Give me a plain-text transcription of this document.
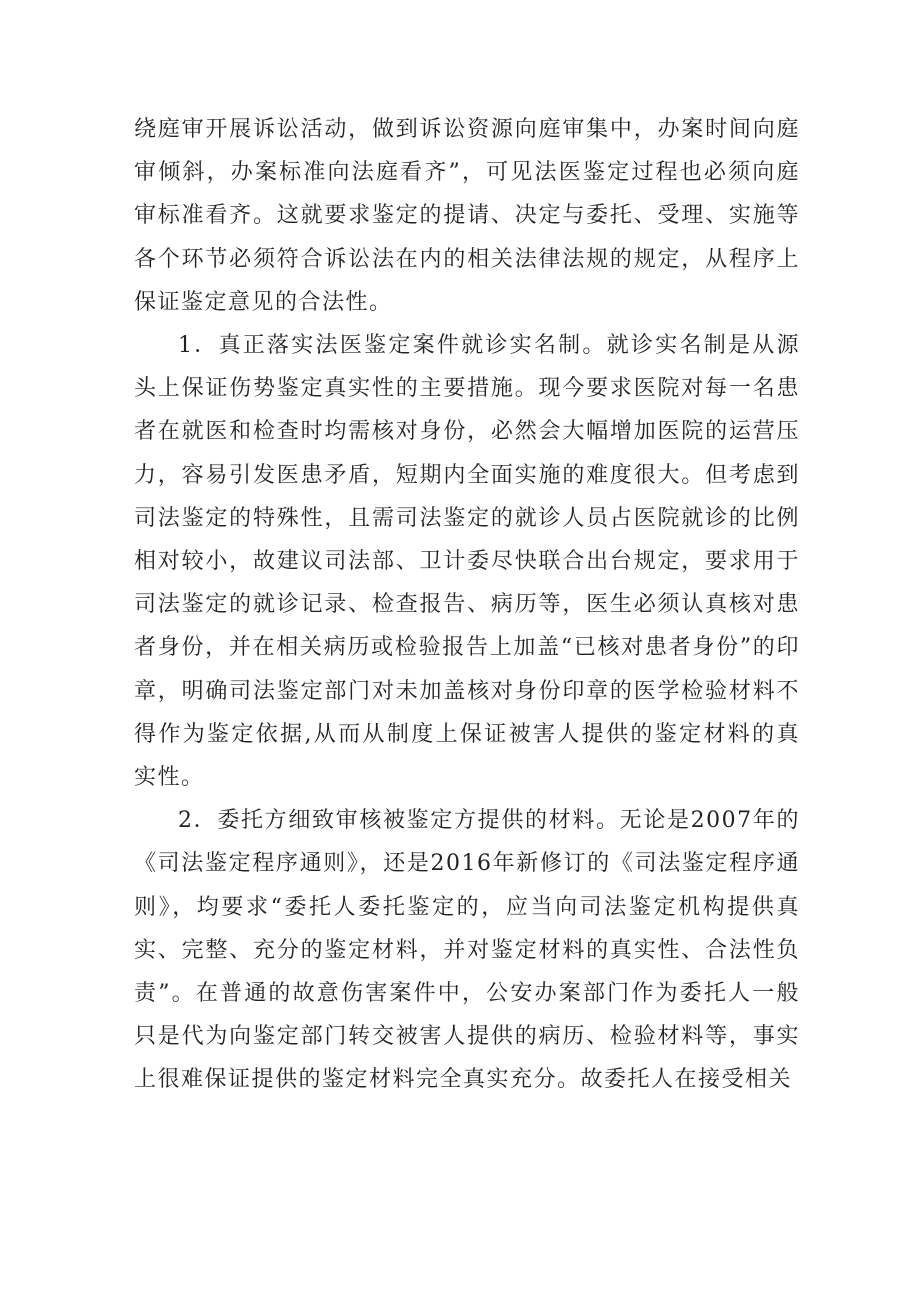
绕庭审开展诉讼活动，做到诉讼资源向庭审集中，办案时间向庭审倾斜，办案标准向法庭看齐”，可见法医鉴定过程也必须向庭审标准看齐。这就要求鉴定的提请、决定与委托、受理、实施等各个环节必须符合诉讼法在内的相关法律法规的规定，从程序上保证鉴定意见的合法性。

1．真正落实法医鉴定案件就诊实名制。就诊实名制是从源头上保证伤势鉴定真实性的主要措施。现今要求医院对每一名患者在就医和检查时均需核对身份，必然会大幅增加医院的运营压力，容易引发医患矛盾，短期内全面实施的难度很大。但考虑到司法鉴定的特殊性，且需司法鉴定的就诊人员占医院就诊的比例相对较小，故建议司法部、卫计委尽快联合出台规定，要求用于司法鉴定的就诊记录、检查报告、病历等，医生必须认真核对患者身份，并在相关病历或检验报告上加盖“已核对患者身份”的印章，明确司法鉴定部门对未加盖核对身份印章的医学检验材料不得作为鉴定依据,从而从制度上保证被害人提供的鉴定材料的真实性。

2．委托方细致审核被鉴定方提供的材料。无论是2007年的《司法鉴定程序通则》，还是2016年新修订的《司法鉴定程序通则》，均要求“委托人委托鉴定的，应当向司法鉴定机构提供真实、完整、充分的鉴定材料，并对鉴定材料的真实性、合法性负责”。在普通的故意伤害案件中，公安办案部门作为委托人一般只是代为向鉴定部门转交被害人提供的病历、检验材料等，事实上很难保证提供的鉴定材料完全真实充分。故委托人在接受相关
